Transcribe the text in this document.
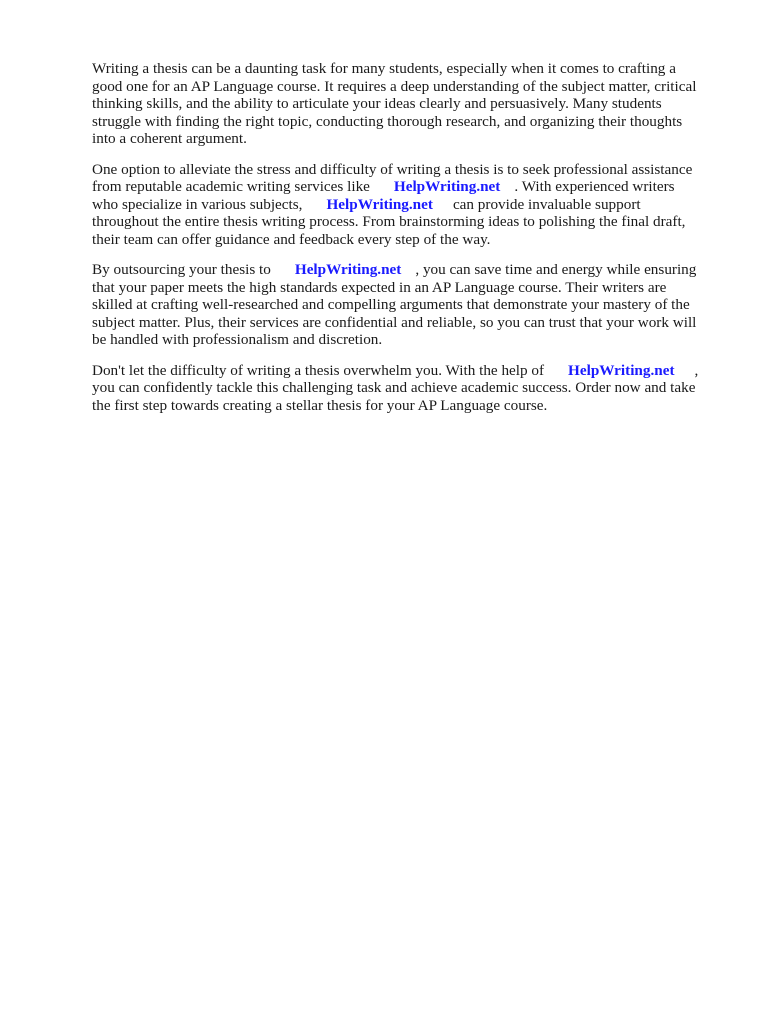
Writing a thesis can be a daunting task for many students, especially when it comes to crafting a
good one for an AP Language course. It requires a deep understanding of the subject matter, critical
thinking skills, and the ability to articulate your ideas clearly and persuasively. Many students
struggle with finding the right topic, conducting thorough research, and organizing their thoughts
into a coherent argument.

One option to alleviate the stress and difficulty of writing a thesis is to seek professional assistance
from reputable academic writing services like HelpWriting.net . With experienced writers
who specialize in various subjects, HelpWriting.net can provide invaluable support
throughout the entire thesis writing process. From brainstorming ideas to polishing the final draft,
their team can offer guidance and feedback every step of the way.

By outsourcing your thesis to HelpWriting.net , you can save time and energy while ensuring
that your paper meets the high standards expected in an AP Language course. Their writers are
skilled at crafting well-researched and compelling arguments that demonstrate your mastery of the
subject matter. Plus, their services are confidential and reliable, so you can trust that your work will
be handled with professionalism and discretion.

Don't let the difficulty of writing a thesis overwhelm you. With the help of HelpWriting.net ,
you can confidently tackle this challenging task and achieve academic success. Order now and take
the first step towards creating a stellar thesis for your AP Language course.
